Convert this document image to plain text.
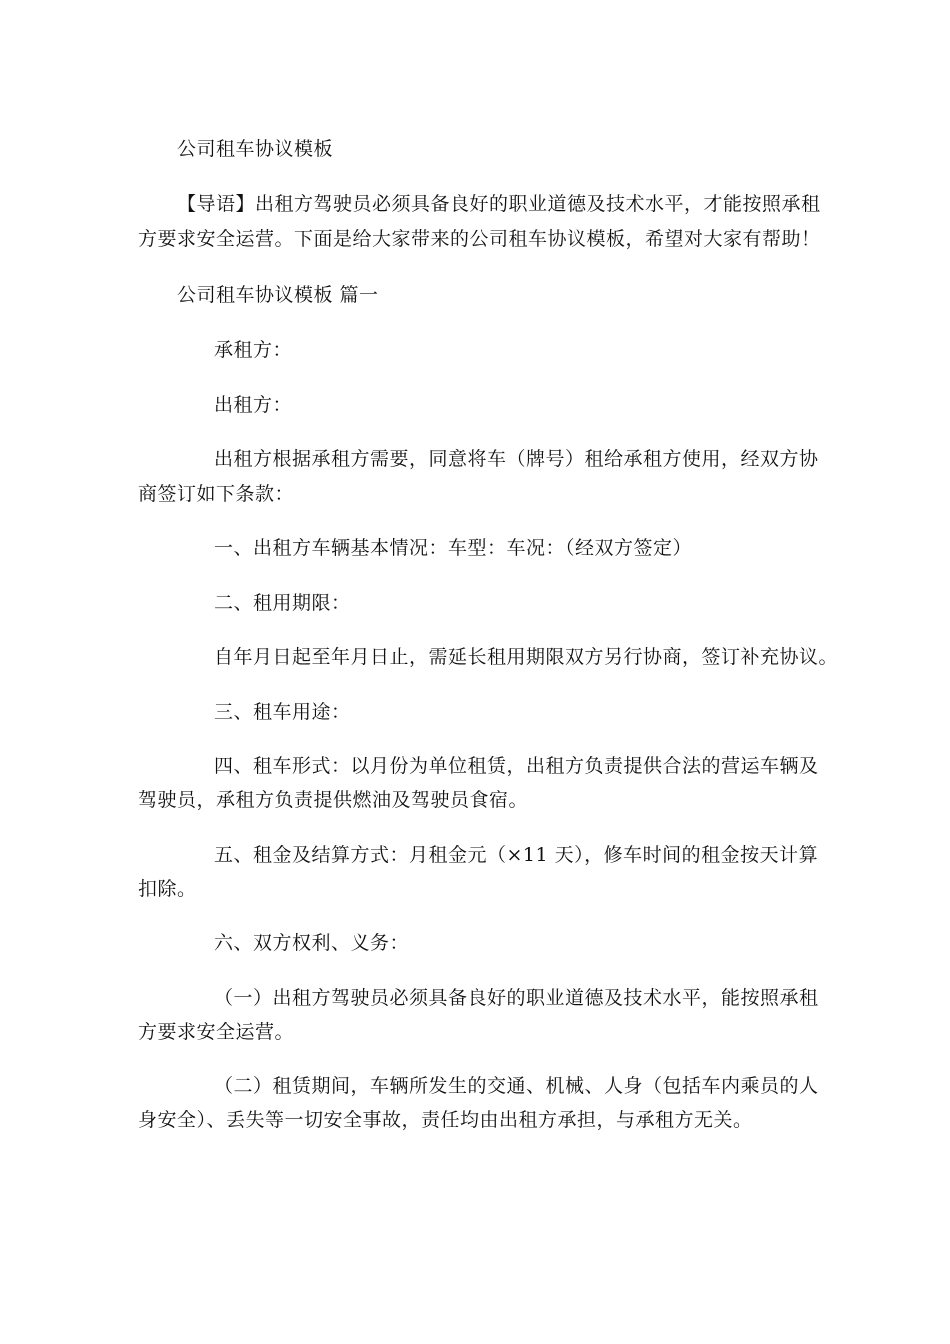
公司租车协议模板
【导语】出租方驾驶员必须具备良好的职业道德及技术水平，才能按照承租
方要求安全运营。下面是给大家带来的公司租车协议模板，希望对大家有帮助！
公司租车协议模板 篇一
承租方：
出租方：
出租方根据承租方需要，同意将车（牌号）租给承租方使用，经双方协
商签订如下条款：
一、出租方车辆基本情况：车型：车况：（经双方签定）
二、租用期限：
自年月日起至年月日止，需延长租用期限双方另行协商，签订补充协议。
三、租车用途：
四、租车形式：以月份为单位租赁，出租方负责提供合法的营运车辆及
驾驶员，承租方负责提供燃油及驾驶员食宿。
五、租金及结算方式：月租金元（×11 天），修车时间的租金按天计算
扣除。
六、双方权利、义务：
（一）出租方驾驶员必须具备良好的职业道德及技术水平，能按照承租
方要求安全运营。
（二）租赁期间，车辆所发生的交通、机械、人身（包括车内乘员的人
身安全）、丢失等一切安全事故，责任均由出租方承担，与承租方无关。
